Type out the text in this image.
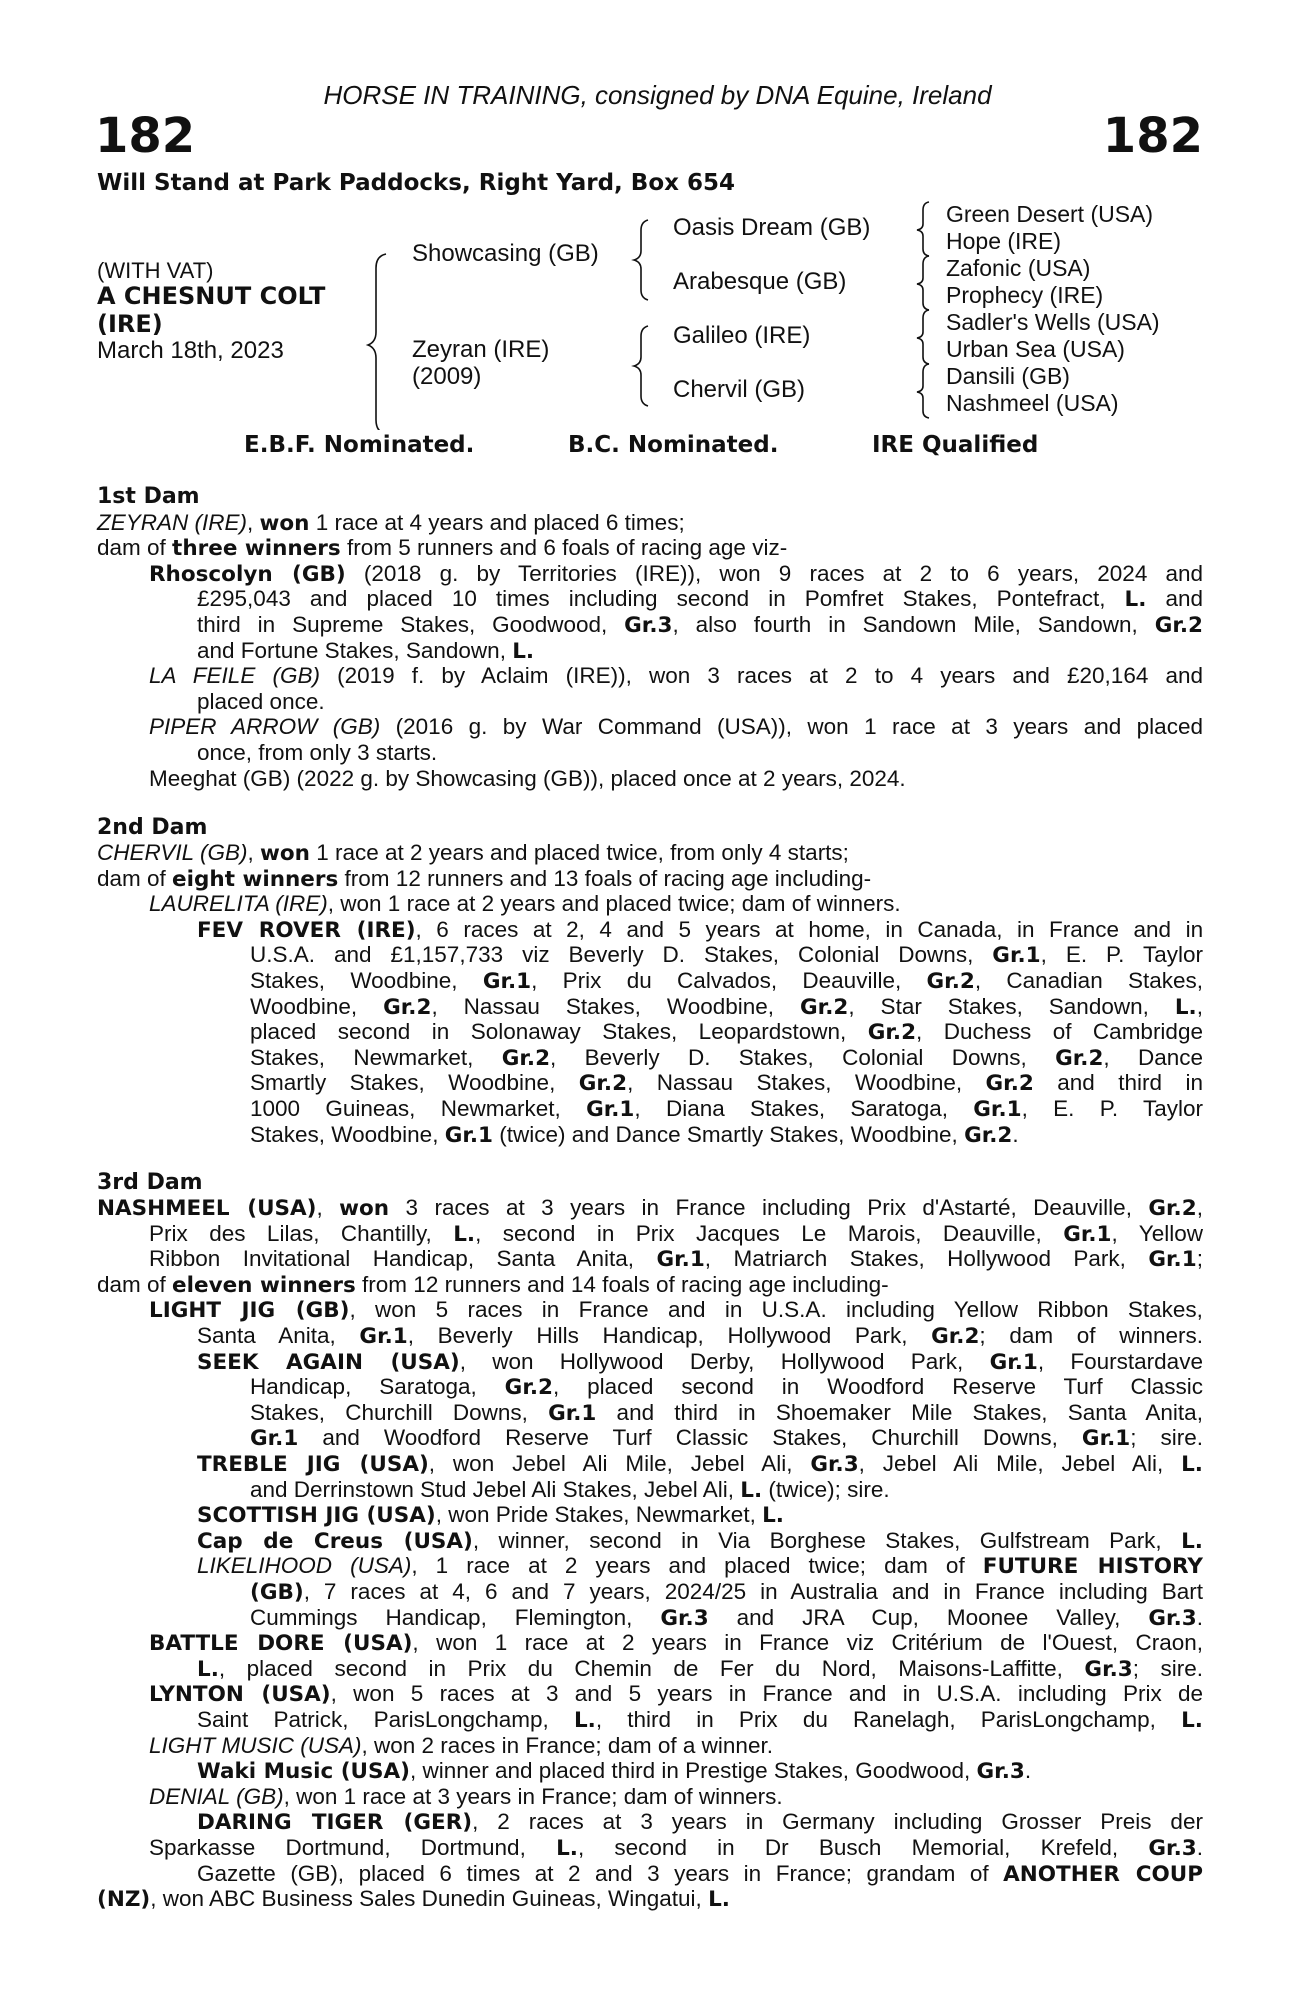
HORSE IN TRAINING, consigned by DNA Equine, Ireland
182	182
Will Stand at Park Paddocks, Right Yard, Box 654
(WITH VAT)
A CHESNUT COLT
(IRE)
March 18th, 2023
Showcasing (GB)
Zeyran (IRE)
(2009)
Oasis Dream (GB)
Arabesque (GB)
Galileo (IRE)
Chervil (GB)
Green Desert (USA)
Hope (IRE)
Zafonic (USA)
Prophecy (IRE)
Sadler's Wells (USA)
Urban Sea (USA)
Dansili (GB)
Nashmeel (USA)
E.B.F. Nominated.	B.C. Nominated.	IRE Qualified
1st Dam
ZEYRAN (IRE), won 1 race at 4 years and placed 6 times;
dam of three winners from 5 runners and 6 foals of racing age viz-
Rhoscolyn (GB) (2018 g. by Territories (IRE)), won 9 races at 2 to 6 years, 2024 and
£295,043 and placed 10 times including second in Pomfret Stakes, Pontefract, L. and
third in Supreme Stakes, Goodwood, Gr.3, also fourth in Sandown Mile, Sandown, Gr.2
and Fortune Stakes, Sandown, L.
LA FEILE (GB) (2019 f. by Aclaim (IRE)), won 3 races at 2 to 4 years and £20,164 and
placed once.
PIPER ARROW (GB) (2016 g. by War Command (USA)), won 1 race at 3 years and placed
once, from only 3 starts.
Meeghat (GB) (2022 g. by Showcasing (GB)), placed once at 2 years, 2024.
2nd Dam
CHERVIL (GB), won 1 race at 2 years and placed twice, from only 4 starts;
dam of eight winners from 12 runners and 13 foals of racing age including-
LAURELITA (IRE), won 1 race at 2 years and placed twice; dam of winners.
FEV ROVER (IRE), 6 races at 2, 4 and 5 years at home, in Canada, in France and in
U.S.A. and £1,157,733 viz Beverly D. Stakes, Colonial Downs, Gr.1, E. P. Taylor
Stakes, Woodbine, Gr.1, Prix du Calvados, Deauville, Gr.2, Canadian Stakes,
Woodbine, Gr.2, Nassau Stakes, Woodbine, Gr.2, Star Stakes, Sandown, L.,
placed second in Solonaway Stakes, Leopardstown, Gr.2, Duchess of Cambridge
Stakes, Newmarket, Gr.2, Beverly D. Stakes, Colonial Downs, Gr.2, Dance
Smartly Stakes, Woodbine, Gr.2, Nassau Stakes, Woodbine, Gr.2 and third in
1000 Guineas, Newmarket, Gr.1, Diana Stakes, Saratoga, Gr.1, E. P. Taylor
Stakes, Woodbine, Gr.1 (twice) and Dance Smartly Stakes, Woodbine, Gr.2.
3rd Dam
NASHMEEL (USA), won 3 races at 3 years in France including Prix d'Astarté, Deauville, Gr.2,
Prix des Lilas, Chantilly, L., second in Prix Jacques Le Marois, Deauville, Gr.1, Yellow
Ribbon Invitational Handicap, Santa Anita, Gr.1, Matriarch Stakes, Hollywood Park, Gr.1;
dam of eleven winners from 12 runners and 14 foals of racing age including-
LIGHT JIG (GB), won 5 races in France and in U.S.A. including Yellow Ribbon Stakes,
Santa Anita, Gr.1, Beverly Hills Handicap, Hollywood Park, Gr.2; dam of winners.
SEEK AGAIN (USA), won Hollywood Derby, Hollywood Park, Gr.1, Fourstardave
Handicap, Saratoga, Gr.2, placed second in Woodford Reserve Turf Classic
Stakes, Churchill Downs, Gr.1 and third in Shoemaker Mile Stakes, Santa Anita,
Gr.1 and Woodford Reserve Turf Classic Stakes, Churchill Downs, Gr.1; sire.
TREBLE JIG (USA), won Jebel Ali Mile, Jebel Ali, Gr.3, Jebel Ali Mile, Jebel Ali, L.
and Derrinstown Stud Jebel Ali Stakes, Jebel Ali, L. (twice); sire.
SCOTTISH JIG (USA), won Pride Stakes, Newmarket, L.
Cap de Creus (USA), winner, second in Via Borghese Stakes, Gulfstream Park, L.
LIKELIHOOD (USA), 1 race at 2 years and placed twice; dam of FUTURE HISTORY
(GB), 7 races at 4, 6 and 7 years, 2024/25 in Australia and in France including Bart
Cummings Handicap, Flemington, Gr.3 and JRA Cup, Moonee Valley, Gr.3.
BATTLE DORE (USA), won 1 race at 2 years in France viz Critérium de l'Ouest, Craon,
L., placed second in Prix du Chemin de Fer du Nord, Maisons-Laffitte, Gr.3; sire.
LYNTON (USA), won 5 races at 3 and 5 years in France and in U.S.A. including Prix de
Saint Patrick, ParisLongchamp, L., third in Prix du Ranelagh, ParisLongchamp, L.
LIGHT MUSIC (USA), won 2 races in France; dam of a winner.
Waki Music (USA), winner and placed third in Prestige Stakes, Goodwood, Gr.3.
DENIAL (GB), won 1 race at 3 years in France; dam of winners.
DARING TIGER (GER), 2 races at 3 years in Germany including Grosser Preis der
Sparkasse Dortmund, Dortmund, L., second in Dr Busch Memorial, Krefeld, Gr.3.
Gazette (GB), placed 6 times at 2 and 3 years in France; grandam of ANOTHER COUP
(NZ), won ABC Business Sales Dunedin Guineas, Wingatui, L.
